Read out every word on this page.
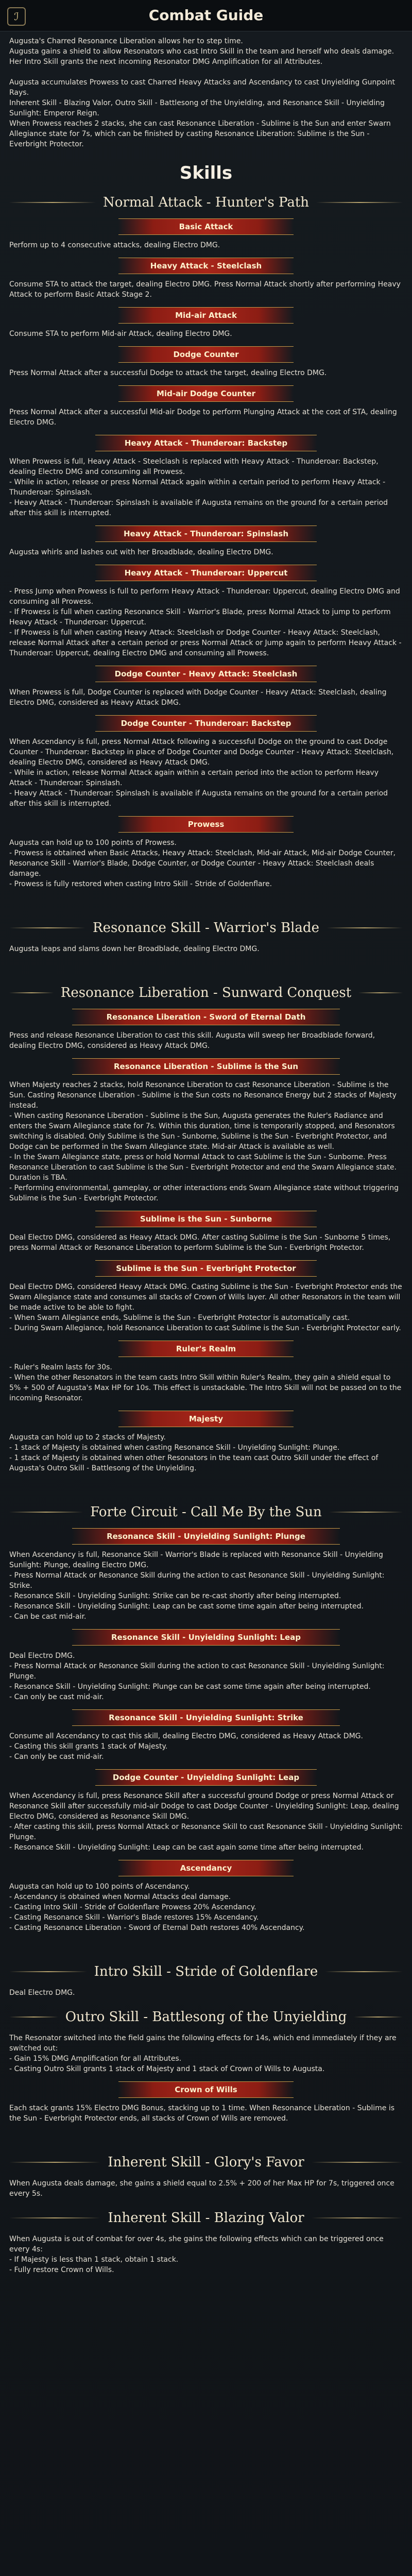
ℐ	Combat Guide
Augusta's Charred Resonance Liberation allows her to step time.
Augusta gains a shield to allow Resonators who cast Intro Skill in the team and herself who deals damage.
Her Intro Skill grants the next incoming Resonator DMG Amplification for all Attributes.

Augusta accumulates Prowess to cast Charred Heavy Attacks and Ascendancy to cast Unyielding Gunpoint Rays.
Inherent Skill - Blazing Valor, Outro Skill - Battlesong of the Unyielding, and Resonance Skill - Unyielding Sunlight: Emperor Reign.
When Prowess reaches 2 stacks, she can cast Resonance Liberation - Sublime is the Sun and enter Swarn Allegiance state for 7s, which can be finished by casting Resonance Liberation: Sublime is the Sun - Everbright Protector.
Skills
Normal Attack - Hunter's Path
Basic Attack
Perform up to 4 consecutive attacks, dealing Electro DMG.
Heavy Attack - Steelclash
Consume STA to attack the target, dealing Electro DMG. Press Normal Attack shortly after performing Heavy Attack to perform Basic Attack Stage 2.
Mid-air Attack
Consume STA to perform Mid-air Attack, dealing Electro DMG.
Dodge Counter
Press Normal Attack after a successful Dodge to attack the target, dealing Electro DMG.
Mid-air Dodge Counter
Press Normal Attack after a successful Mid-air Dodge to perform Plunging Attack at the cost of STA, dealing Electro DMG.
Heavy Attack - Thunderoar: Backstep
When Prowess is full, Heavy Attack - Steelclash is replaced with Heavy Attack - Thunderoar: Backstep, dealing Electro DMG and consuming all Prowess.
- While in action, release or press Normal Attack again within a certain period to perform Heavy Attack - Thunderoar: Spinslash.
- Heavy Attack - Thunderoar: Spinslash is available if Augusta remains on the ground for a certain period after this skill is interrupted.
Heavy Attack - Thunderoar: Spinslash
Augusta whirls and lashes out with her Broadblade, dealing Electro DMG.
Heavy Attack - Thunderoar: Uppercut
- Press Jump when Prowess is full to perform Heavy Attack - Thunderoar: Uppercut, dealing Electro DMG and consuming all Prowess.
- If Prowess is full when casting Resonance Skill - Warrior's Blade, press Normal Attack to jump to perform Heavy Attack - Thunderoar: Uppercut.
- If Prowess is full when casting Heavy Attack: Steelclash or Dodge Counter - Heavy Attack: Steelclash, release Normal Attack after a certain period or press Normal Attack or Jump again to perform Heavy Attack - Thunderoar: Uppercut, dealing Electro DMG and consuming all Prowess.
Dodge Counter - Heavy Attack: Steelclash
When Prowess is full, Dodge Counter is replaced with Dodge Counter - Heavy Attack: Steelclash, dealing Electro DMG, considered as Heavy Attack DMG.
Dodge Counter - Thunderoar: Backstep
When Ascendancy is full, press Normal Attack following a successful Dodge on the ground to cast Dodge Counter - Thunderoar: Backstep in place of Dodge Counter and Dodge Counter - Heavy Attack: Steelclash, dealing Electro DMG, considered as Heavy Attack DMG.
- While in action, release Normal Attack again within a certain period into the action to perform Heavy Attack - Thunderoar: Spinslash.
- Heavy Attack - Thunderoar: Spinslash is available if Augusta remains on the ground for a certain period after this skill is interrupted.
Prowess
Augusta can hold up to 100 points of Prowess.
- Prowess is obtained when Basic Attacks, Heavy Attack: Steelclash, Mid-air Attack, Mid-air Dodge Counter, Resonance Skill - Warrior's Blade, Dodge Counter, or Dodge Counter - Heavy Attack: Steelclash deals damage.
- Prowess is fully restored when casting Intro Skill - Stride of Goldenflare.
Resonance Skill - Warrior's Blade
Augusta leaps and slams down her Broadblade, dealing Electro DMG.
Resonance Liberation - Sunward Conquest
Resonance Liberation - Sword of Eternal Dath
Press and release Resonance Liberation to cast this skill. Augusta will sweep her Broadblade forward, dealing Electro DMG, considered as Heavy Attack DMG.
Resonance Liberation - Sublime is the Sun
When Majesty reaches 2 stacks, hold Resonance Liberation to cast Resonance Liberation - Sublime is the Sun. Casting Resonance Liberation - Sublime is the Sun costs no Resonance Energy but 2 stacks of Majesty instead.
- When casting Resonance Liberation - Sublime is the Sun, Augusta generates the Ruler's Radiance and enters the Swarn Allegiance state for 7s. Within this duration, time is temporarily stopped, and Resonators switching is disabled. Only Sublime is the Sun - Sunborne, Sublime is the Sun - Everbright Protector, and Dodge can be performed in the Swarn Allegiance state. Mid-air Attack is available as well.
- In the Swarn Allegiance state, press or hold Normal Attack to cast Sublime is the Sun - Sunborne. Press Resonance Liberation to cast Sublime is the Sun - Everbright Protector and end the Swarn Allegiance state. Duration is TBA.
- Performing environmental, gameplay, or other interactions ends Swarn Allegiance state without triggering Sublime is the Sun - Everbright Protector.
Sublime is the Sun - Sunborne
Deal Electro DMG, considered as Heavy Attack DMG. After casting Sublime is the Sun - Sunborne 5 times, press Normal Attack or Resonance Liberation to perform Sublime is the Sun - Everbright Protector.
Sublime is the Sun - Everbright Protector
Deal Electro DMG, considered Heavy Attack DMG. Casting Sublime is the Sun - Everbright Protector ends the Swarn Allegiance state and consumes all stacks of Crown of Wills layer. All other Resonators in the team will be made active to be able to fight.
- When Swarn Allegiance ends, Sublime is the Sun - Everbright Protector is automatically cast.
- During Swarn Allegiance, hold Resonance Liberation to cast Sublime is the Sun - Everbright Protector early.
Ruler's Realm
- Ruler's Realm lasts for 30s.
- When the other Resonators in the team casts Intro Skill within Ruler's Realm, they gain a shield equal to 5% + 500 of Augusta's Max HP for 10s. This effect is unstackable. The Intro Skill will not be passed on to the incoming Resonator.
Majesty
Augusta can hold up to 2 stacks of Majesty.
- 1 stack of Majesty is obtained when casting Resonance Skill - Unyielding Sunlight: Plunge.
- 1 stack of Majesty is obtained when other Resonators in the team cast Outro Skill under the effect of Augusta's Outro Skill - Battlesong of the Unyielding.
Forte Circuit - Call Me By the Sun
Resonance Skill - Unyielding Sunlight: Plunge
When Ascendancy is full, Resonance Skill - Warrior's Blade is replaced with Resonance Skill - Unyielding Sunlight: Plunge, dealing Electro DMG.
- Press Normal Attack or Resonance Skill during the action to cast Resonance Skill - Unyielding Sunlight: Strike.
- Resonance Skill - Unyielding Sunlight: Strike can be re-cast shortly after being interrupted.
- Resonance Skill - Unyielding Sunlight: Leap can be cast some time again after being interrupted.
- Can be cast mid-air.
Resonance Skill - Unyielding Sunlight: Leap
Deal Electro DMG.
- Press Normal Attack or Resonance Skill during the action to cast Resonance Skill - Unyielding Sunlight: Plunge.
- Resonance Skill - Unyielding Sunlight: Plunge can be cast some time again after being interrupted.
- Can only be cast mid-air.
Resonance Skill - Unyielding Sunlight: Strike
Consume all Ascendancy to cast this skill, dealing Electro DMG, considered as Heavy Attack DMG.
- Casting this skill grants 1 stack of Majesty.
- Can only be cast mid-air.
Dodge Counter - Unyielding Sunlight: Leap
When Ascendancy is full, press Resonance Skill after a successful ground Dodge or press Normal Attack or Resonance Skill after successfully mid-air Dodge to cast Dodge Counter - Unyielding Sunlight: Leap, dealing Electro DMG, considered as Resonance Skill DMG.
- After casting this skill, press Normal Attack or Resonance Skill to cast Resonance Skill - Unyielding Sunlight: Plunge.
- Resonance Skill - Unyielding Sunlight: Leap can be cast again some time after being interrupted.
Ascendancy
Augusta can hold up to 100 points of Ascendancy.
- Ascendancy is obtained when Normal Attacks deal damage.
- Casting Intro Skill - Stride of Goldenflare Prowess 20% Ascendancy.
- Casting Resonance Skill - Warrior's Blade restores 15% Ascendancy.
- Casting Resonance Liberation - Sword of Eternal Dath restores 40% Ascendancy.
Intro Skill - Stride of Goldenflare
Deal Electro DMG.
Outro Skill - Battlesong of the Unyielding
The Resonator switched into the field gains the following effects for 14s, which end immediately if they are switched out:
- Gain 15% DMG Amplification for all Attributes.
- Casting Outro Skill grants 1 stack of Majesty and 1 stack of Crown of Wills to Augusta.
Crown of Wills
Each stack grants 15% Electro DMG Bonus, stacking up to 1 time. When Resonance Liberation - Sublime is the Sun - Everbright Protector ends, all stacks of Crown of Wills are removed.
Inherent Skill - Glory's Favor
When Augusta deals damage, she gains a shield equal to 2.5% + 200 of her Max HP for 7s, triggered once every 5s.
Inherent Skill - Blazing Valor
When Augusta is out of combat for over 4s, she gains the following effects which can be triggered once every 4s:
- If Majesty is less than 1 stack, obtain 1 stack.
- Fully restore Crown of Wills.
